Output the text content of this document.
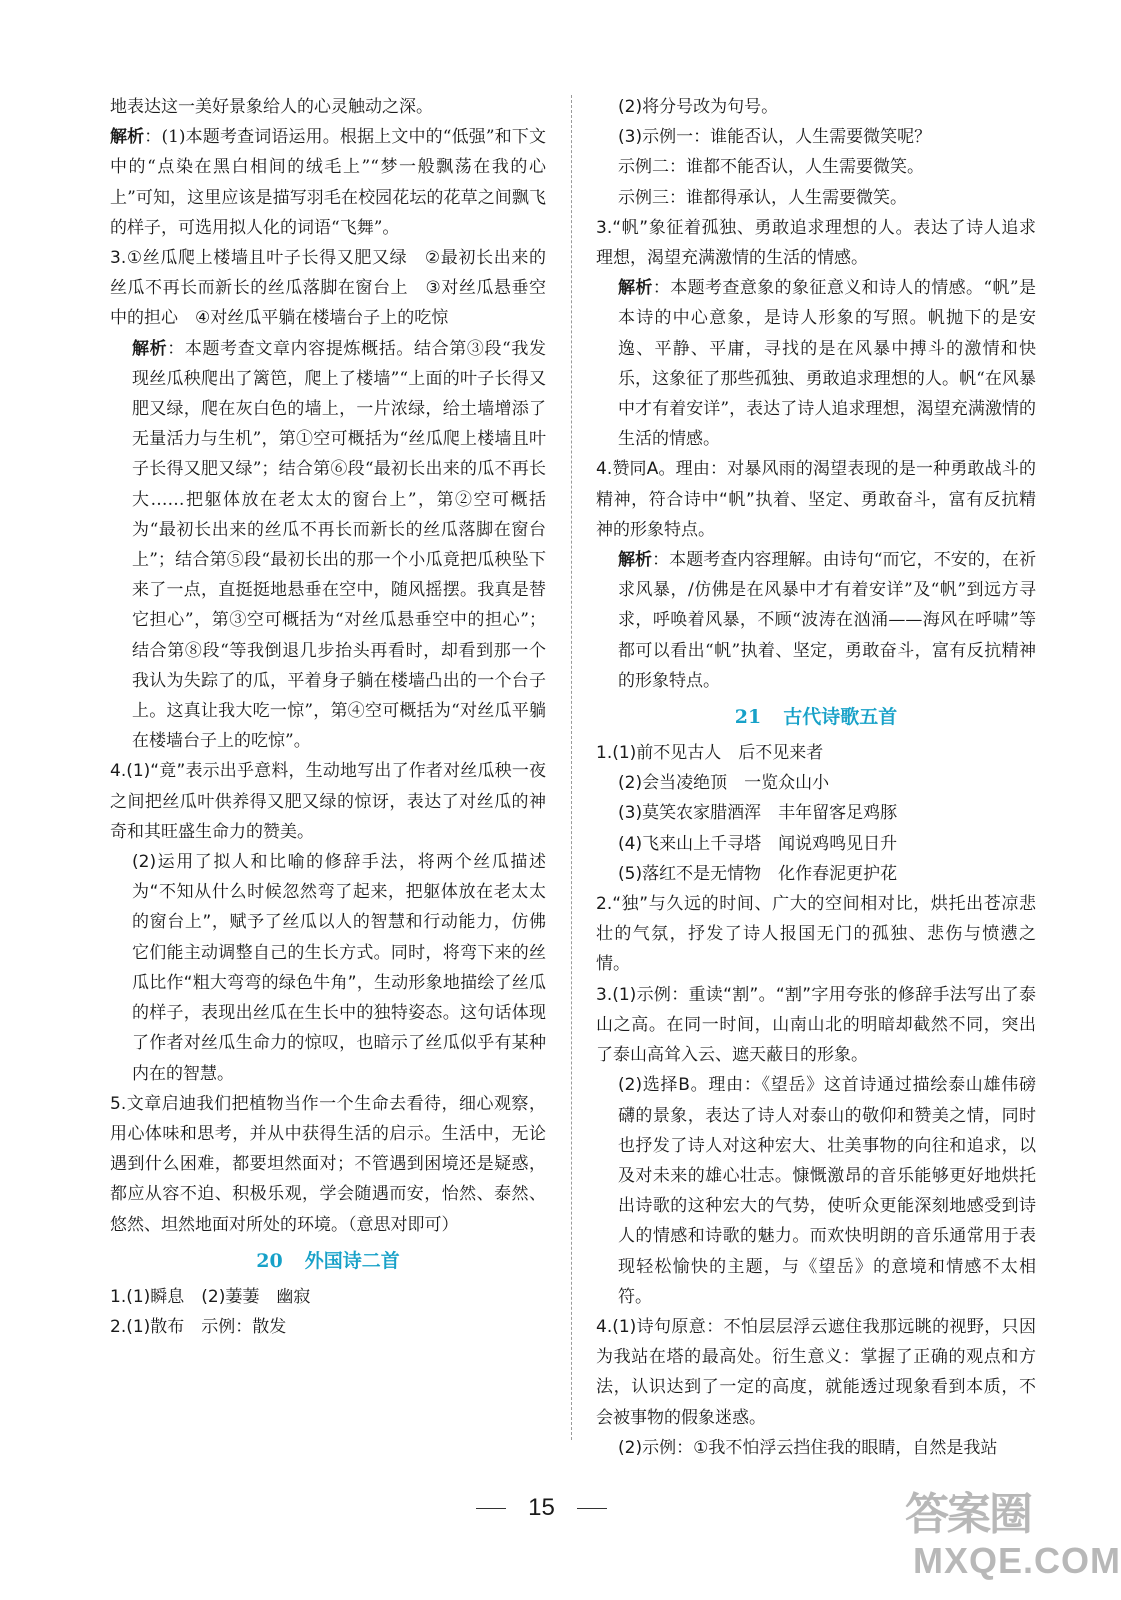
地表达这一美好景象给人的心灵触动之深。

解析：(1)本题考查词语运用。根据上文中的“低强”和下文中的“点染在黑白相间的绒毛上”“梦一般飘荡在我的心上”可知，这里应该是描写羽毛在校园花坛的花草之间飘飞的样子，可选用拟人化的词语“飞舞”。

3.①丝瓜爬上楼墙且叶子长得又肥又绿　②最初长出来的丝瓜不再长而新长的丝瓜落脚在窗台上　③对丝瓜悬垂空中的担心　④对丝瓜平躺在楼墙台子上的吃惊

解析：本题考查文章内容提炼概括。结合第③段“我发现丝瓜秧爬出了篱笆，爬上了楼墙”“上面的叶子长得又肥又绿，爬在灰白色的墙上，一片浓绿，给土墙增添了无量活力与生机”，第①空可概括为“丝瓜爬上楼墙且叶子长得又肥又绿”；结合第⑥段“最初长出来的瓜不再长大……把躯体放在老太太的窗台上”，第②空可概括为“最初长出来的丝瓜不再长而新长的丝瓜落脚在窗台上”；结合第⑤段“最初长出的那一个小瓜竟把瓜秧坠下来了一点，直挺挺地悬垂在空中，随风摇摆。我真是替它担心”，第③空可概括为“对丝瓜悬垂空中的担心”；结合第⑧段“等我倒退几步抬头再看时，却看到那一个我认为失踪了的瓜，平着身子躺在楼墙凸出的一个台子上。这真让我大吃一惊”，第④空可概括为“对丝瓜平躺在楼墙台子上的吃惊”。

4.(1)“竟”表示出乎意料，生动地写出了作者对丝瓜秧一夜之间把丝瓜叶供养得又肥又绿的惊讶，表达了对丝瓜的神奇和其旺盛生命力的赞美。

(2)运用了拟人和比喻的修辞手法，将两个丝瓜描述为“不知从什么时候忽然弯了起来，把躯体放在老太太的窗台上”，赋予了丝瓜以人的智慧和行动能力，仿佛它们能主动调整自己的生长方式。同时，将弯下来的丝瓜比作“粗大弯弯的绿色牛角”，生动形象地描绘了丝瓜的样子，表现出丝瓜在生长中的独特姿态。这句话体现了作者对丝瓜生命力的惊叹，也暗示了丝瓜似乎有某种内在的智慧。

5.文章启迪我们把植物当作一个生命去看待，细心观察，用心体味和思考，并从中获得生活的启示。生活中，无论遇到什么困难，都要坦然面对；不管遇到困境还是疑惑，都应从容不迫、积极乐观，学会随遇而安，怡然、泰然、悠然、坦然地面对所处的环境。（意思对即可）

20 外国诗二首

1.(1)瞬息　(2)萋萋　幽寂

2.(1)散布　示例：散发

(2)将分号改为句号。

(3)示例一：谁能否认，人生需要微笑呢？

示例二：谁都不能否认，人生需要微笑。

示例三：谁都得承认，人生需要微笑。

3.“帆”象征着孤独、勇敢追求理想的人。表达了诗人追求理想，渴望充满激情的生活的情感。

解析：本题考查意象的象征意义和诗人的情感。“帆”是本诗的中心意象，是诗人形象的写照。帆抛下的是安逸、平静、平庸，寻找的是在风暴中搏斗的激情和快乐，这象征了那些孤独、勇敢追求理想的人。帆“在风暴中才有着安详”，表达了诗人追求理想，渴望充满激情的生活的情感。

4.赞同A。理由：对暴风雨的渴望表现的是一种勇敢战斗的精神，符合诗中“帆”执着、坚定、勇敢奋斗，富有反抗精神的形象特点。

解析：本题考查内容理解。由诗句“而它，不安的，在祈求风暴，/仿佛是在风暴中才有着安详”及“帆”到远方寻求，呼唤着风暴，不顾“波涛在汹涌——海风在呼啸”等都可以看出“帆”执着、坚定，勇敢奋斗，富有反抗精神的形象特点。

21 古代诗歌五首

1.(1)前不见古人　后不见来者

(2)会当凌绝顶　一览众山小

(3)莫笑农家腊酒浑　丰年留客足鸡豚

(4)飞来山上千寻塔　闻说鸡鸣见日升

(5)落红不是无情物　化作春泥更护花

2.“独”与久远的时间、广大的空间相对比，烘托出苍凉悲壮的气氛，抒发了诗人报国无门的孤独、悲伤与愤懑之情。

3.(1)示例：重读“割”。“割”字用夸张的修辞手法写出了泰山之高。在同一时间，山南山北的明暗却截然不同，突出了泰山高耸入云、遮天蔽日的形象。

(2)选择B。理由：《望岳》这首诗通过描绘泰山雄伟磅礴的景象，表达了诗人对泰山的敬仰和赞美之情，同时也抒发了诗人对这种宏大、壮美事物的向往和追求，以及对未来的雄心壮志。慷慨激昂的音乐能够更好地烘托出诗歌的这种宏大的气势，使听众更能深刻地感受到诗人的情感和诗歌的魅力。而欢快明朗的音乐通常用于表现轻松愉快的主题，与《望岳》的意境和情感不太相符。

4.(1)诗句原意：不怕层层浮云遮住我那远眺的视野，只因为我站在塔的最高处。衍生意义：掌握了正确的观点和方法，认识达到了一定的高度，就能透过现象看到本质，不会被事物的假象迷惑。

(2)示例：①我不怕浮云挡住我的眼睛，自然是我站

15	答案圈
MXQE.COM
